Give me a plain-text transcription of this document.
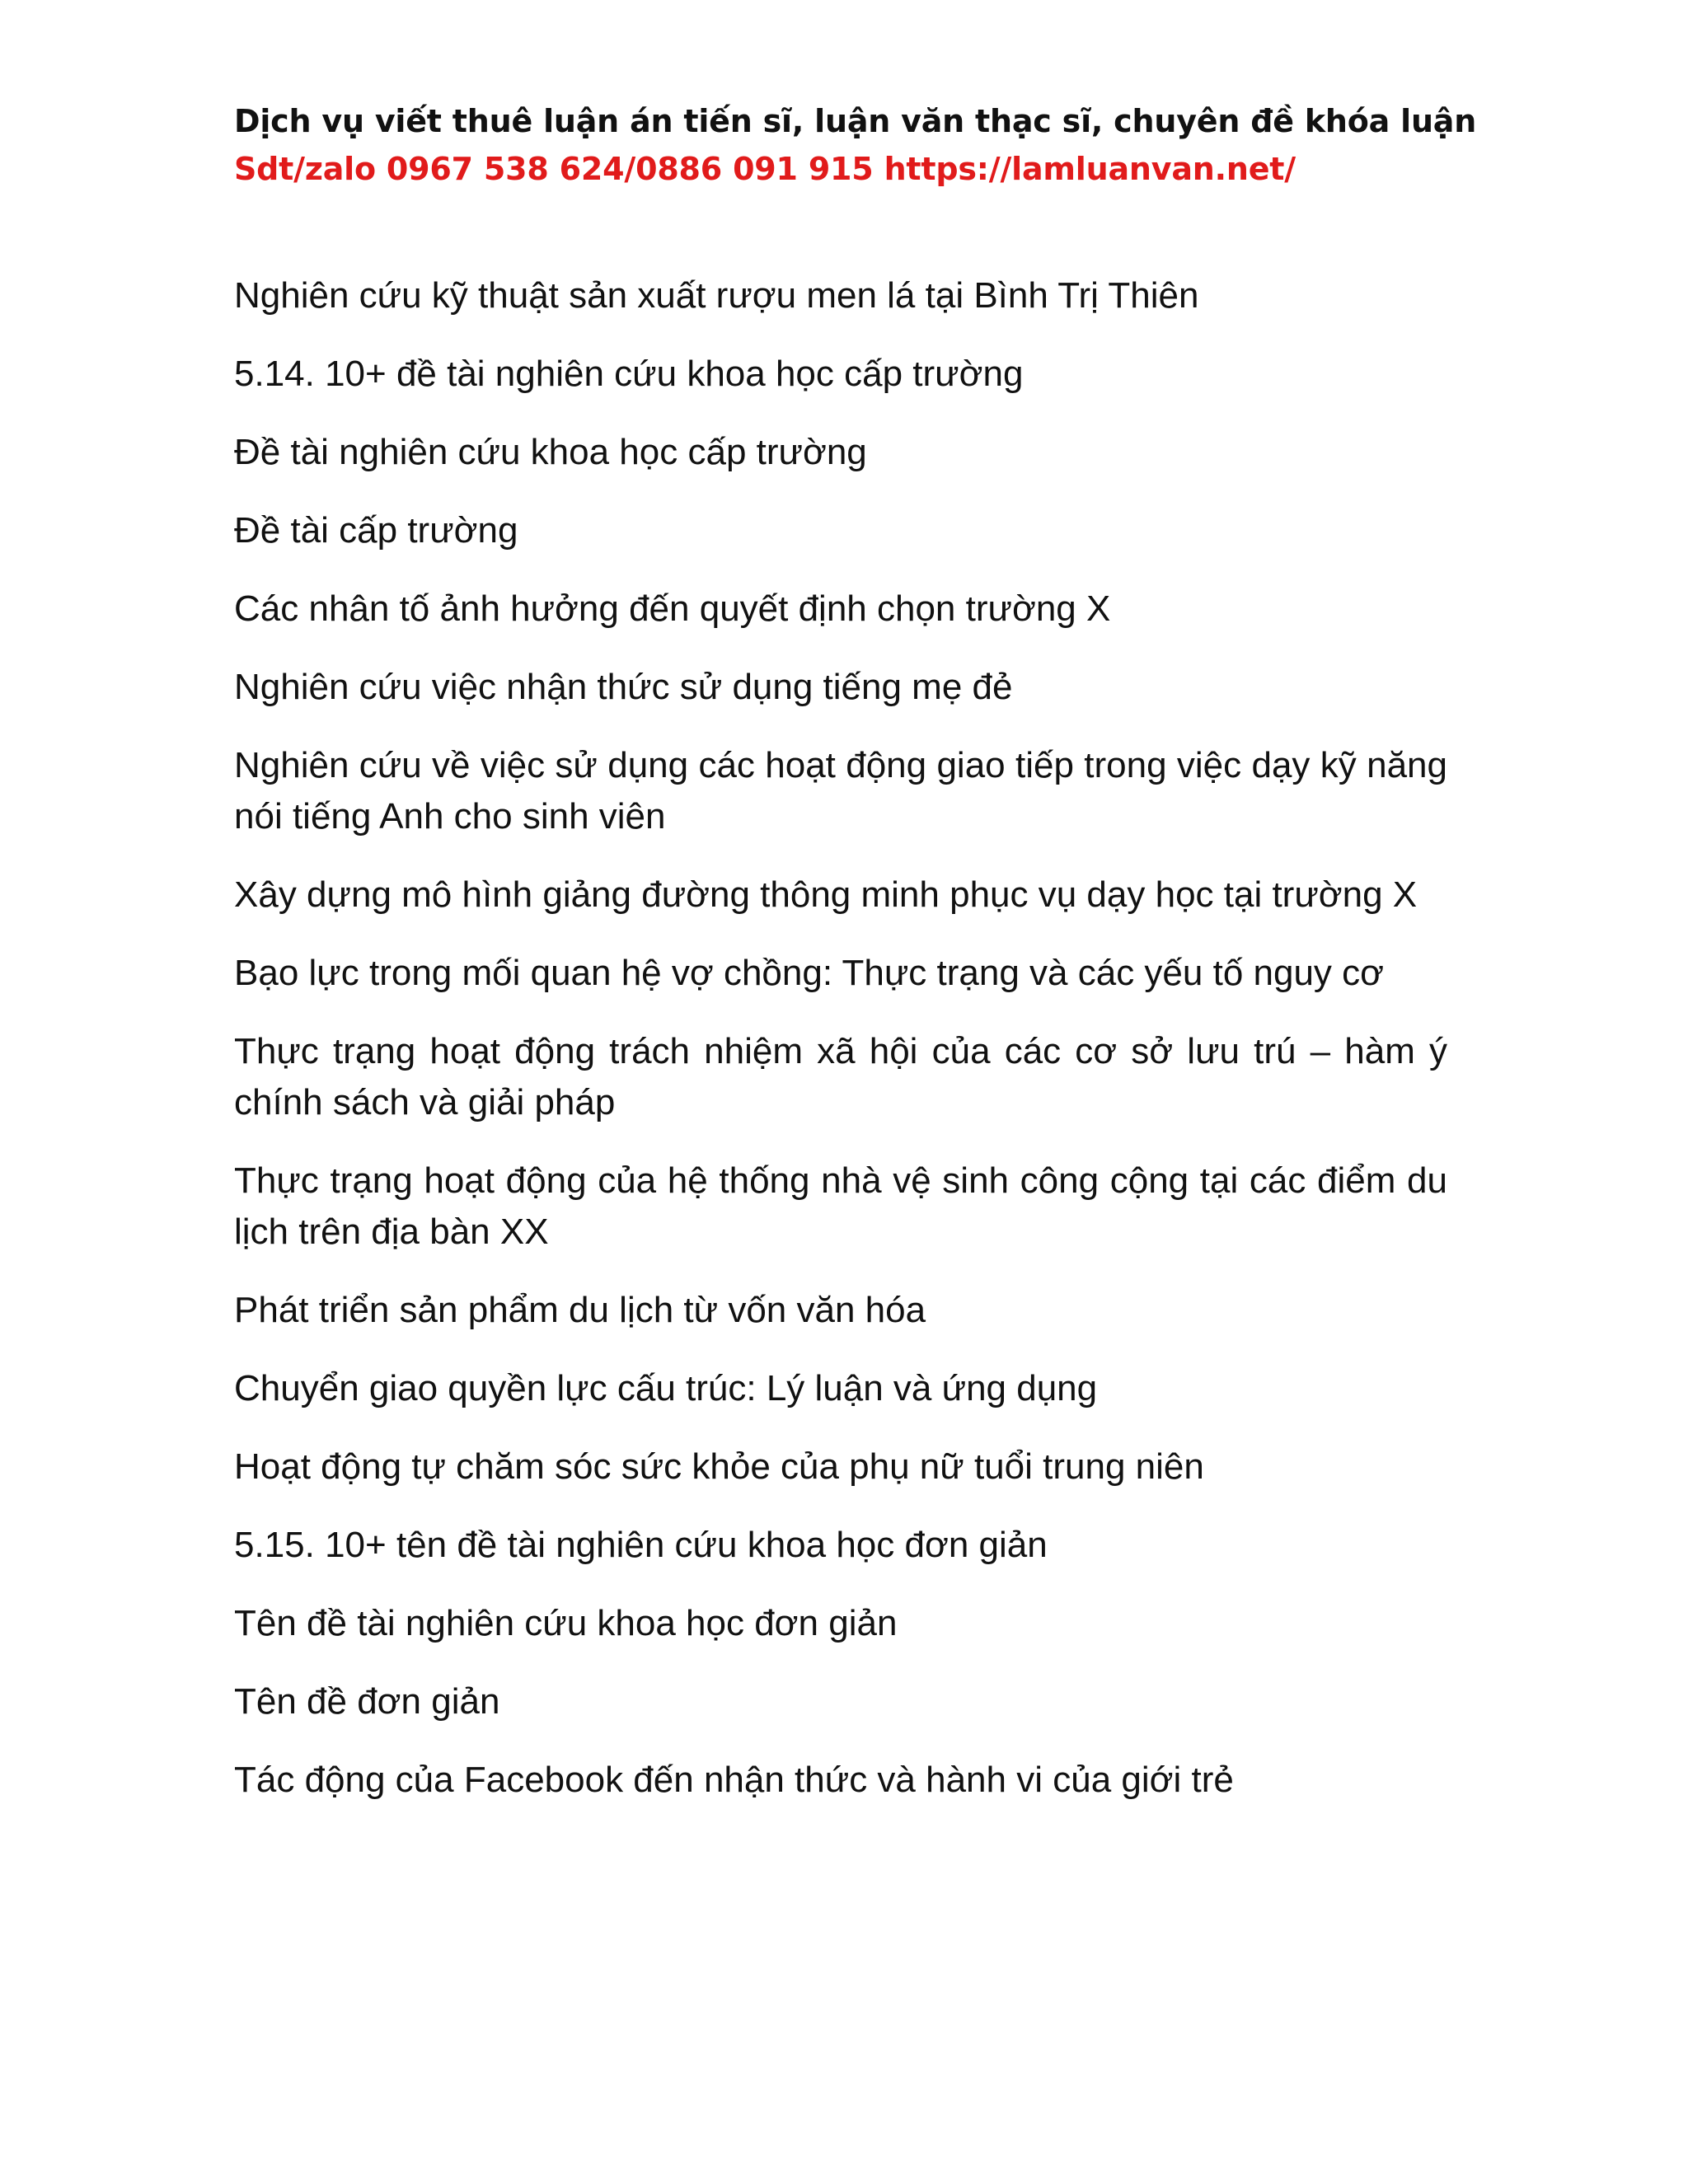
Dịch vụ viết thuê luận án tiến sĩ, luận văn thạc sĩ, chuyên đề khóa luận
Sdt/zalo 0967 538 624/0886 091 915 https://lamluanvan.net/

Nghiên cứu kỹ thuật sản xuất rượu men lá tại Bình Trị Thiên

5.14. 10+ đề tài nghiên cứu khoa học cấp trường

Đề tài nghiên cứu khoa học cấp trường

Đề tài cấp trường

Các nhân tố ảnh hưởng đến quyết định chọn trường X

Nghiên cứu việc nhận thức sử dụng tiếng mẹ đẻ

Nghiên cứu về việc sử dụng các hoạt động giao tiếp trong việc dạy kỹ năng nói tiếng Anh cho sinh viên

Xây dựng mô hình giảng đường thông minh phục vụ dạy học tại trường X

Bạo lực trong mối quan hệ vợ chồng: Thực trạng và các yếu tố nguy cơ

Thực trạng hoạt động trách nhiệm xã hội của các cơ sở lưu trú – hàm ý chính sách và giải pháp

Thực trạng hoạt động của hệ thống nhà vệ sinh công cộng tại các điểm du lịch trên địa bàn XX

Phát triển sản phẩm du lịch từ vốn văn hóa

Chuyển giao quyền lực cấu trúc: Lý luận và ứng dụng

Hoạt động tự chăm sóc sức khỏe của phụ nữ tuổi trung niên

5.15. 10+ tên đề tài nghiên cứu khoa học đơn giản

Tên đề tài nghiên cứu khoa học đơn giản

Tên đề đơn giản

Tác động của Facebook đến nhận thức và hành vi của giới trẻ
